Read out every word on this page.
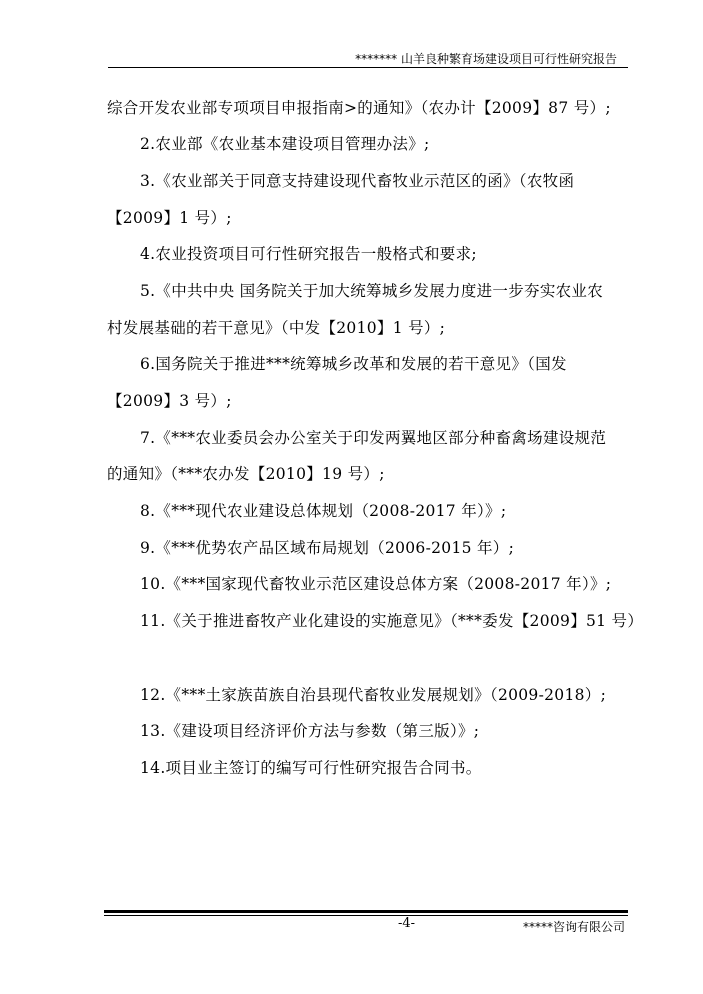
******* 山羊良种繁育场建设项目可行性研究报告
综合开发农业部专项项目申报指南>的通知》（农办计【2009】87 号）;
2.农业部《农业基本建设项目管理办法》;
3.《农业部关于同意支持建设现代畜牧业示范区的函》（农牧函
【2009】1 号）;
4.农业投资项目可行性研究报告一般格式和要求;
5.《中共中央 国务院关于加大统筹城乡发展力度进一步夯实农业农
村发展基础的若干意见》（中发【2010】1 号）;
6.国务院关于推进***统筹城乡改革和发展的若干意见》（国发
【2009】3 号）;
7.《***农业委员会办公室关于印发两翼地区部分种畜禽场建设规范
的通知》（***农办发【2010】19 号）;
8.《***现代农业建设总体规划（2008-2017 年）》;
9.《***优势农产品区域布局规划（2006-2015 年）;
10.《***国家现代畜牧业示范区建设总体方案（2008-2017 年）》;
11.《关于推进畜牧产业化建设的实施意见》（***委发【2009】51 号）
12.《***土家族苗族自治县现代畜牧业发展规划》（2009-2018）;
13.《建设项目经济评价方法与参数（第三版）》;
14.项目业主签订的编写可行性研究报告合同书。
-4-	*****咨询有限公司
